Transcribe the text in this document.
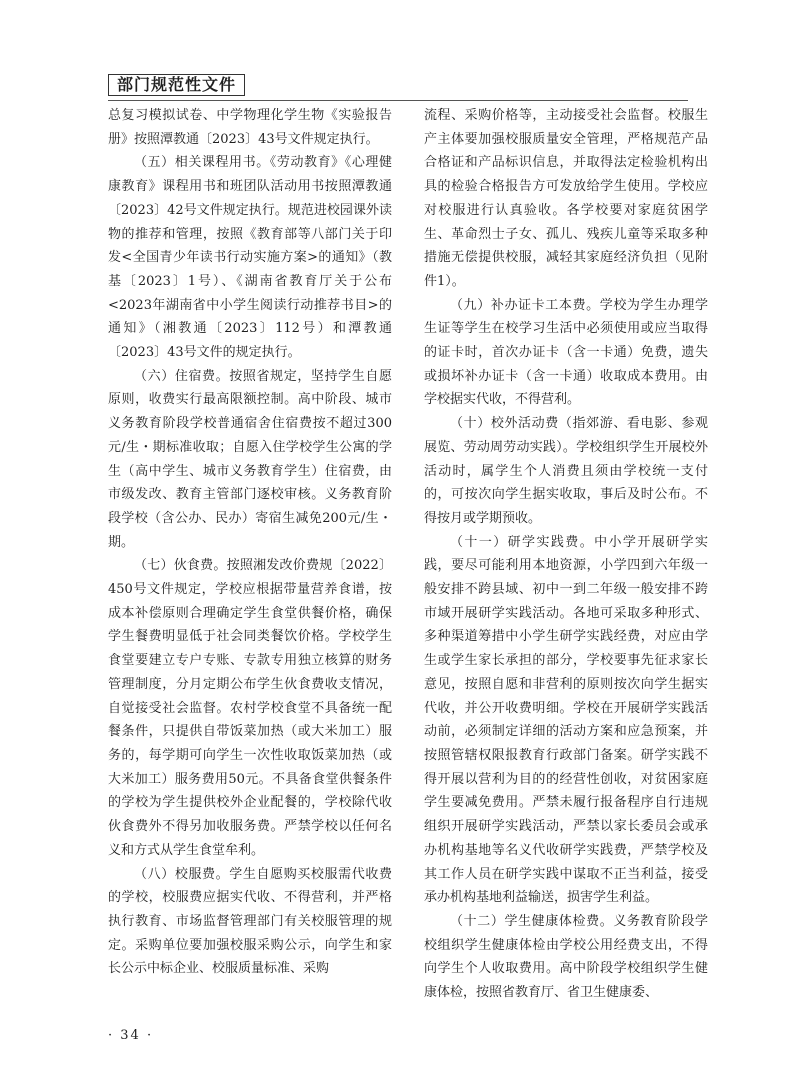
部门规范性文件

总复习模拟试卷、中学物理化学生物《实验报告册》按照潭教通〔2023〕43号文件规定执行。

（五）相关课程用书。《劳动教育》《心理健康教育》课程用书和班团队活动用书按照潭教通〔2023〕42号文件规定执行。规范进校园课外读物的推荐和管理，按照《教育部等八部门关于印发<全国青少年读书行动实施方案>的通知》（教基〔2023〕1号）、《湖南省教育厅关于公布<2023年湖南省中小学生阅读行动推荐书目>的通知》（湘教通〔2023〕112号）和潭教通〔2023〕43号文件的规定执行。

（六）住宿费。按照省规定，坚持学生自愿原则，收费实行最高限额控制。高中阶段、城市义务教育阶段学校普通宿舍住宿费按不超过300元/生・期标准收取；自愿入住学校学生公寓的学生（高中学生、城市义务教育学生）住宿费，由市级发改、教育主管部门逐校审核。义务教育阶段学校（含公办、民办）寄宿生减免200元/生・期。

（七）伙食费。按照湘发改价费规〔2022〕450号文件规定，学校应根据带量营养食谱，按成本补偿原则合理确定学生食堂供餐价格，确保学生餐费明显低于社会同类餐饮价格。学校学生食堂要建立专户专账、专款专用独立核算的财务管理制度，分月定期公布学生伙食费收支情况，自觉接受社会监督。农村学校食堂不具备统一配餐条件，只提供自带饭菜加热（或大米加工）服务的，每学期可向学生一次性收取饭菜加热（或大米加工）服务费用50元。不具备食堂供餐条件的学校为学生提供校外企业配餐的，学校除代收伙食费外不得另加收服务费。严禁学校以任何名义和方式从学生食堂牟利。

（八）校服费。学生自愿购买校服需代收费的学校，校服费应据实代收、不得营利，并严格执行教育、市场监督管理部门有关校服管理的规定。采购单位要加强校服采购公示，向学生和家长公示中标企业、校服质量标准、采购

流程、采购价格等，主动接受社会监督。校服生产主体要加强校服质量安全管理，严格规范产品合格证和产品标识信息，并取得法定检验机构出具的检验合格报告方可发放给学生使用。学校应对校服进行认真验收。各学校要对家庭贫困学生、革命烈士子女、孤儿、残疾儿童等采取多种措施无偿提供校服，减轻其家庭经济负担（见附件1）。

（九）补办证卡工本费。学校为学生办理学生证等学生在校学习生活中必须使用或应当取得的证卡时，首次办证卡（含一卡通）免费，遗失或损坏补办证卡（含一卡通）收取成本费用。由学校据实代收，不得营利。

（十）校外活动费（指郊游、看电影、参观展览、劳动周劳动实践）。学校组织学生开展校外活动时，属学生个人消费且须由学校统一支付的，可按次向学生据实收取，事后及时公布。不得按月或学期预收。

（十一）研学实践费。中小学开展研学实践，要尽可能利用本地资源，小学四到六年级一般安排不跨县域、初中一到二年级一般安排不跨市域开展研学实践活动。各地可采取多种形式、多种渠道筹措中小学生研学实践经费，对应由学生或学生家长承担的部分，学校要事先征求家长意见，按照自愿和非营利的原则按次向学生据实代收，并公开收费明细。学校在开展研学实践活动前，必须制定详细的活动方案和应急预案，并按照管辖权限报教育行政部门备案。研学实践不得开展以营利为目的的经营性创收，对贫困家庭学生要减免费用。严禁未履行报备程序自行违规组织开展研学实践活动，严禁以家长委员会或承办机构基地等名义代收研学实践费，严禁学校及其工作人员在研学实践中谋取不正当利益，接受承办机构基地利益输送，损害学生利益。

（十二）学生健康体检费。义务教育阶段学校组织学生健康体检由学校公用经费支出，不得向学生个人收取费用。高中阶段学校组织学生健康体检，按照省教育厅、省卫生健康委、

· 34 ·
